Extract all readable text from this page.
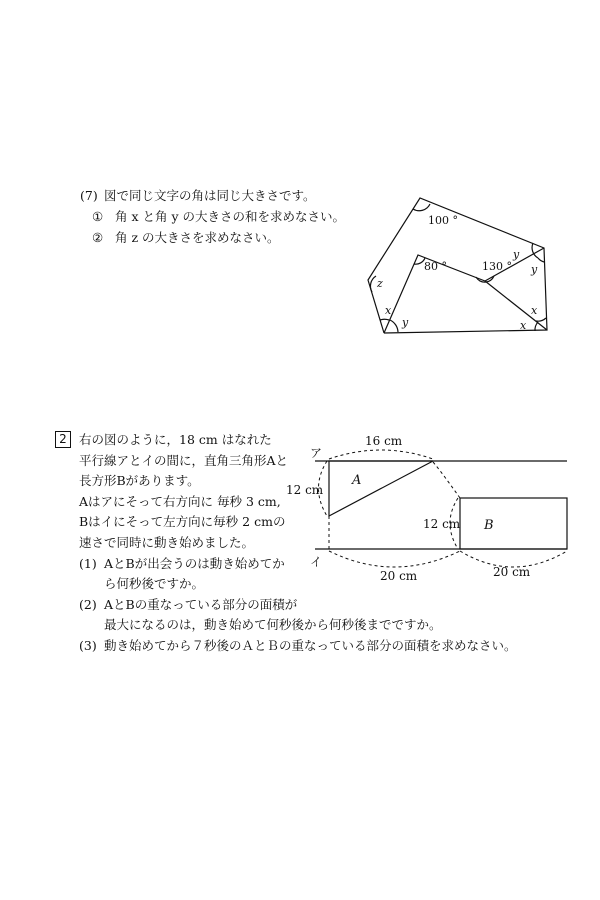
(7) 図で同じ文字の角は同じ大きさです。
① 角 x と角 y の大きさの和を求めなさい。
② 角 z の大きさを求めなさい。
100 °
80 °	130 °
z
x
y
y
y
x
x
2 右の図のように，18 cm はなれた
平行線アとイの間に，直角三角形Aと
長方形Bがあります。
Aはアにそって右方向に 毎秒 3 cm,
Bはイにそって左方向に毎秒 2 cmの
速さで同時に動き始めました。
(1) AとBが出会うのは動き始めてか
ら何秒後ですか。
(2) AとBの重なっている部分の面積が
最大になるのは，動き始めて何秒後から何秒後までですか。
(3) 動き始めてから７秒後のＡとＢの重なっている部分の面積を求めなさい。
ア
イ
16 cm
12 cm
A
12 cm B
20 cm	20 cm
